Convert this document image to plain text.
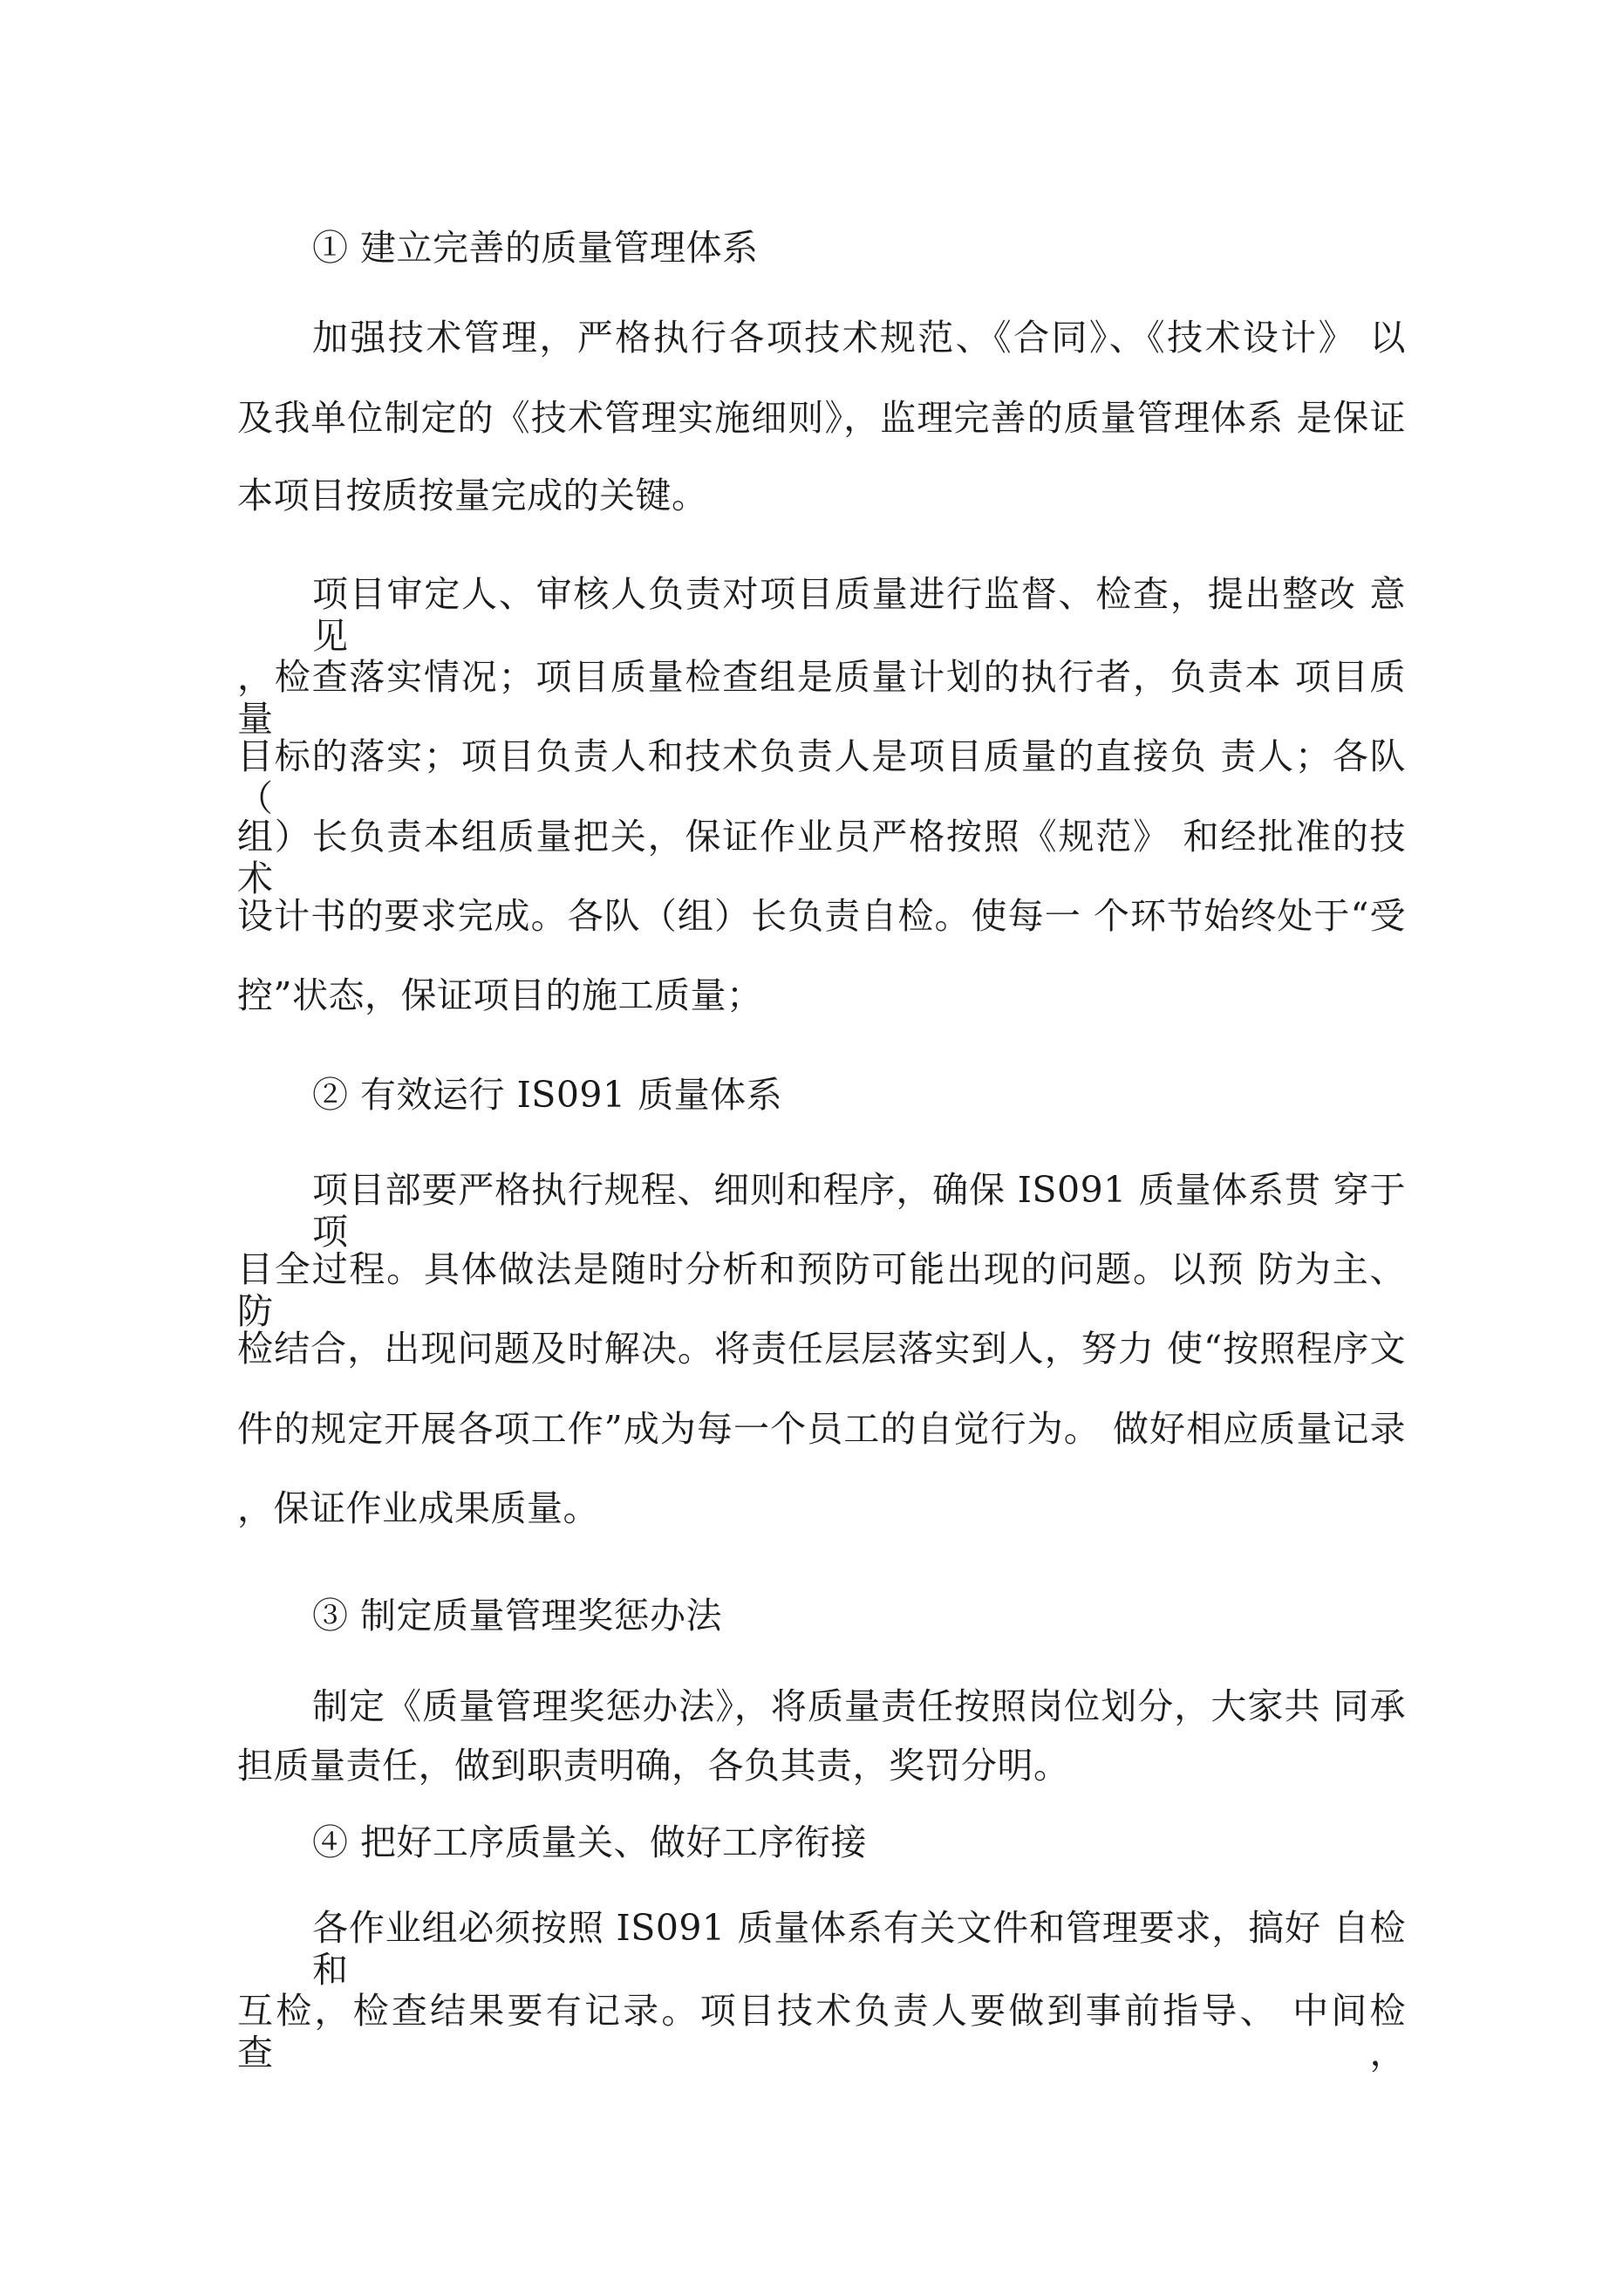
① 建立完善的质量管理体系
加强技术管理，严格执行各项技术规范、《合同》、《技术设计》 以
及我单位制定的《技术管理实施细则》，监理完善的质量管理体系 是保证
本项目按质按量完成的关键。
项目审定人、审核人负责对项目质量进行监督、检查，提出整改 意见
，检查落实情况；项目质量检查组是质量计划的执行者，负责本 项目质量
目标的落实；项目负责人和技术负责人是项目质量的直接负 责人；各队（
组）长负责本组质量把关，保证作业员严格按照《规范》 和经批准的技术
设计书的要求完成。各队（组）长负责自检。使每一 个环节始终处于“受
控”状态，保证项目的施工质量；
② 有效运行 IS091 质量体系
项目部要严格执行规程、细则和程序，确保 IS091 质量体系贯 穿于项
目全过程。具体做法是随时分析和预防可能出现的问题。以预 防为主、防
检结合，出现问题及时解决。将责任层层落实到人，努力 使“按照程序文
件的规定开展各项工作”成为每一个员工的自觉行为。 做好相应质量记录
，保证作业成果质量。
③ 制定质量管理奖惩办法
制定《质量管理奖惩办法》，将质量责任按照岗位划分，大家共 同承
担质量责任，做到职责明确，各负其责，奖罚分明。
④ 把好工序质量关、做好工序衔接
各作业组必须按照 IS091 质量体系有关文件和管理要求，搞好 自检和
互检，检查结果要有记录。项目技术负责人要做到事前指导、 中间检查，
